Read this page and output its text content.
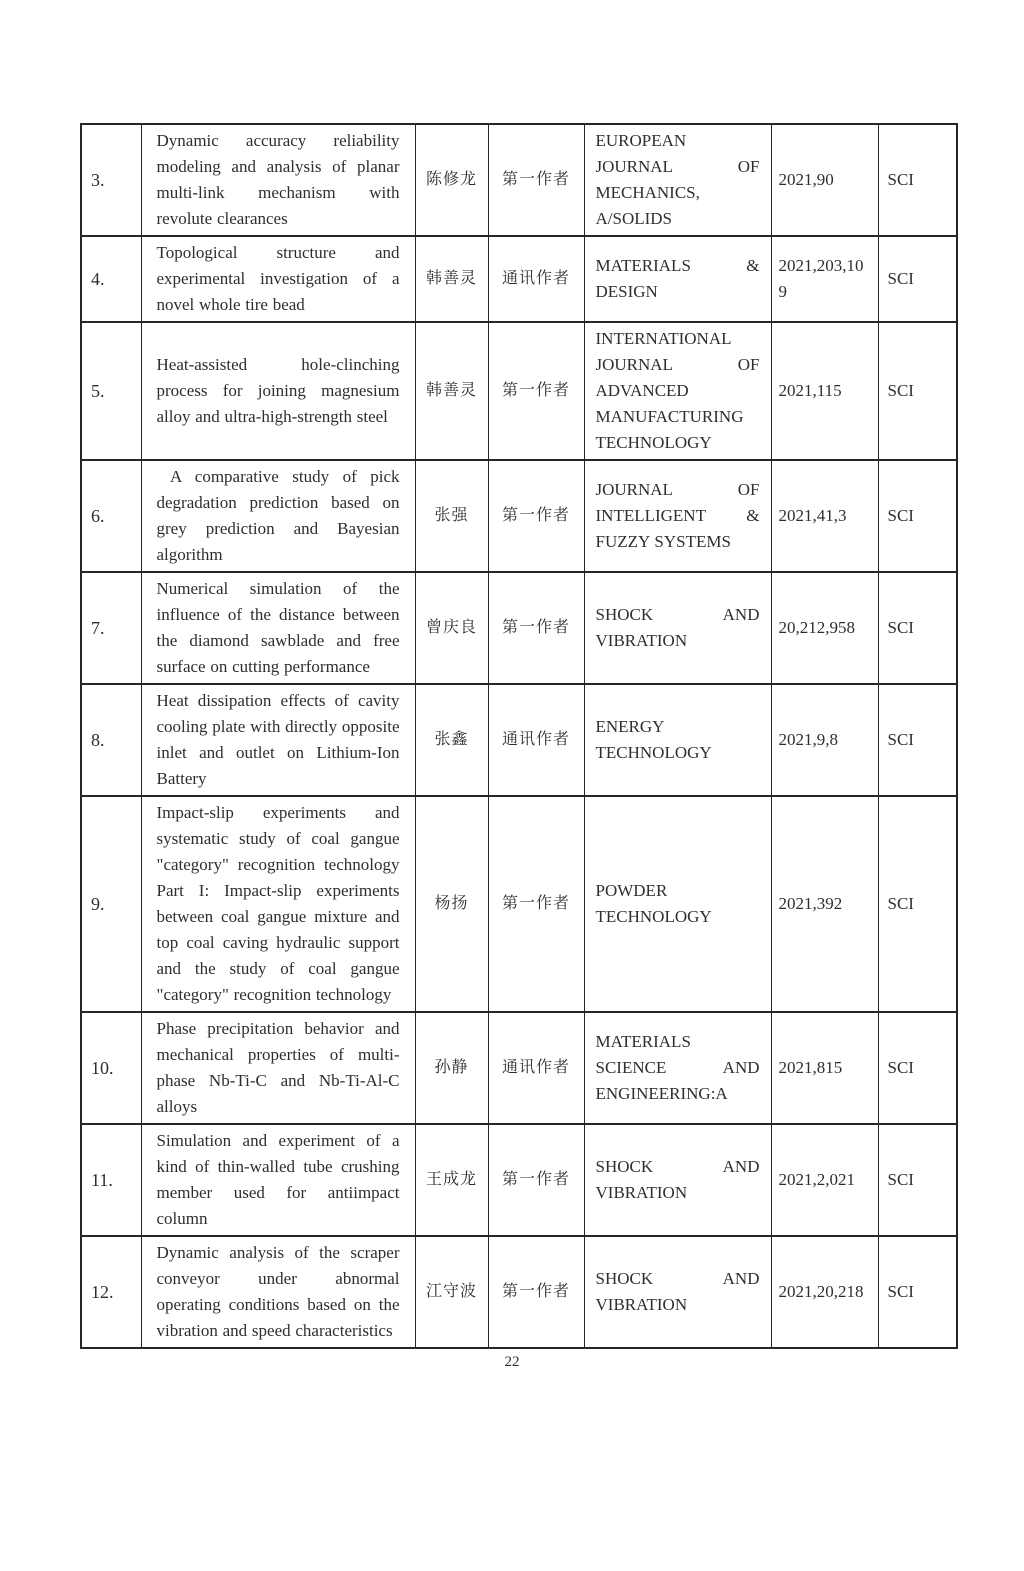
3.	Dynamic accuracy reliability modeling and analysis of planar multi-link mechanism with revolute clearances	陈修龙	第一作者	EUROPEAN JOURNAL OF MECHANICS, A/SOLIDS	2021,90	SCI
4.	Topological structure and experimental investigation of a novel whole tire bead	韩善灵	通讯作者	MATERIALS & DESIGN	2021,203,109	SCI
5.	Heat-assisted hole-clinching process for joining magnesium alloy and ultra-high-strength steel	韩善灵	第一作者	INTERNATIONAL JOURNAL OF ADVANCED MANUFACTURING TECHNOLOGY	2021,115	SCI
6.	A comparative study of pick degradation prediction based on grey prediction and Bayesian algorithm	张强	第一作者	JOURNAL OF INTELLIGENT & FUZZY SYSTEMS	2021,41,3	SCI
7.	Numerical simulation of the influence of the distance between the diamond sawblade and free surface on cutting performance	曾庆良	第一作者	SHOCK AND VIBRATION	20,212,958	SCI
8.	Heat dissipation effects of cavity cooling plate with directly opposite inlet and outlet on Lithium-Ion Battery	张鑫	通讯作者	ENERGY TECHNOLOGY	2021,9,8	SCI
9.	Impact-slip experiments and systematic study of coal gangue "category" recognition technology Part I: Impact-slip experiments between coal gangue mixture and top coal caving hydraulic support and the study of coal gangue "category" recognition technology	杨扬	第一作者	POWDER TECHNOLOGY	2021,392	SCI
10.	Phase precipitation behavior and mechanical properties of multi-phase Nb-Ti-C and Nb-Ti-Al-C alloys	孙静	通讯作者	MATERIALS SCIENCE AND ENGINEERING:A	2021,815	SCI
11.	Simulation and experiment of a kind of thin-walled tube crushing member used for antiimpact column	王成龙	第一作者	SHOCK AND VIBRATION	2021,2,021	SCI
12.	Dynamic analysis of the scraper conveyor under abnormal operating conditions based on the vibration and speed characteristics	江守波	第一作者	SHOCK AND VIBRATION	2021,20,218	SCI
22
